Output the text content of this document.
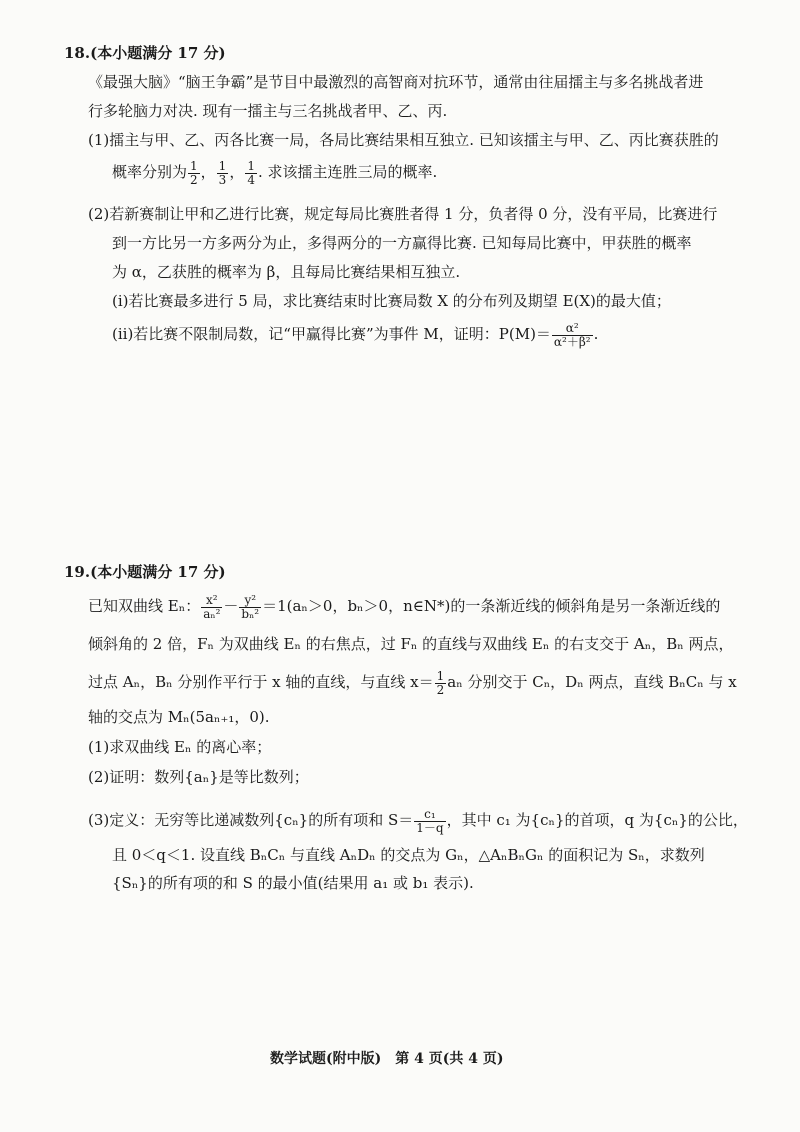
18.(本小题满分 17 分)
《最强大脑》“脑王争霸”是节目中最激烈的高智商对抗环节，通常由往届擂主与多名挑战者进
行多轮脑力对决. 现有一擂主与三名挑战者甲、乙、丙.
(1)擂主与甲、乙、丙各比赛一局，各局比赛结果相互独立. 已知该擂主与甲、乙、丙比赛获胜的
概率分别为 $\frac{1}{2}$ ， $\frac{1}{3}$ ， $\frac{1}{4}$ . 求该擂主连胜三局的概率.
(2)若新赛制让甲和乙进行比赛，规定每局比赛胜者得 1 分，负者得 0 分，没有平局，比赛进行
到一方比另一方多两分为止，多得两分的一方赢得比赛. 已知每局比赛中，甲获胜的概率
为 α，乙获胜的概率为 β，且每局比赛结果相互独立.
(ⅰ)若比赛最多进行 5 局，求比赛结束时比赛局数 X 的分布列及期望 E(X)的最大值；
(ⅱ)若比赛不限制局数，记“甲赢得比赛”为事件 M，证明：$P(M)= \frac{\text{α²}}{\text{α²＋β²}}$ .
19.(本小题满分 17 分)
已知双曲线 Eₙ： $\frac{\text{x²}}{\text{aₙ²}} - \frac{\text{y²}}{\text{bₙ²}} =1(a_n>0$，bₙ＞0，n∈N*)的一条渐近线的倾斜角是另一条渐近线的
倾斜角的 2 倍，Fₙ 为双曲线 Eₙ 的右焦点，过 Fₙ 的直线与双曲线 Eₙ 的右支交于 Aₙ，Bₙ 两点，
过点 Aₙ，Bₙ 分别作平行于 x 轴的直线，与直线 $x= \frac{1}{2}$ aₙ 分别交于 Cₙ，Dₙ 两点，直线 BₙCₙ 与 x
轴的交点为 Mₙ(5aₙ₊₁，0).
(1)求双曲线 Eₙ 的离心率；
(2)证明：数列{aₙ}是等比数列；
(3)定义：无穷等比递减数列{cₙ}的所有项和 $S= \frac{\text{c₁}}{1-q}$ ，其中 c₁ 为{cₙ}的首项，q 为{cₙ}的公比，
且 0＜q＜1. 设直线 BₙCₙ 与直线 AₙDₙ 的交点为 Gₙ，△AₙBₙGₙ 的面积记为 Sₙ，求数列
{Sₙ}的所有项的和 S 的最小值(结果用 a₁ 或 b₁ 表示).
数学试题(附中版)　第 4 页(共 4 页)
